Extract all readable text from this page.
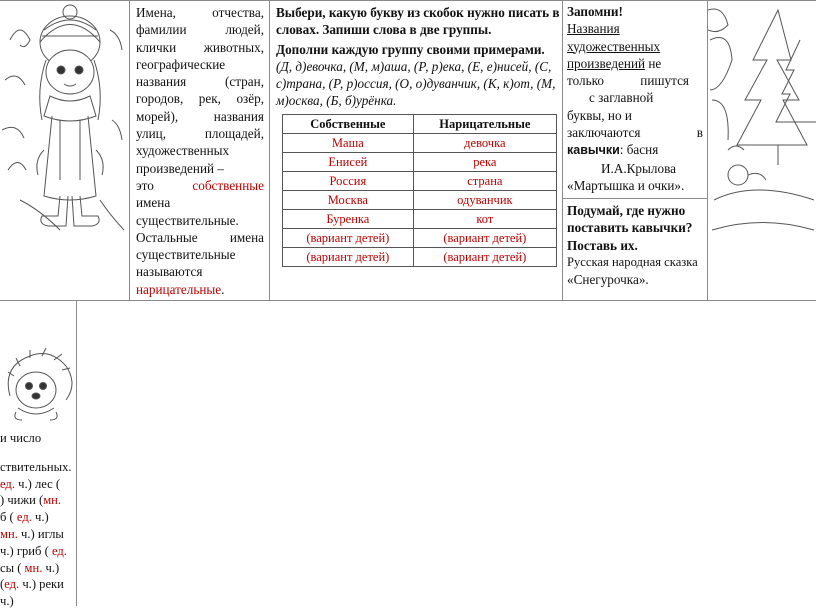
Имена,	отчества,
фамилии	людей,
клички животных,
географические
названия	(стран,
городов, рек, озёр,
морей),	названия
улиц,	площадей,
художественных
произведений –
это	собственные
имена
существительные.
Остальные имена
существительные
называются
нарицательные.
Выбери, какую букву из скобок нужно писать в
словах. Запиши слова в две группы.
Дополни каждую группу своими примерами.
(Д, д)евочка, (М, м)аша, (Р, р)ека, (Е, е)нисей, (С,
с)трана, (Р, р)оссия, (О, о)дуванчик, (К, к)от, (М,
м)осква, (Б, б)урёнка.
Собственные	Нарицательные
Маша	девочка
Енисей	река
Россия	страна
Москва	одуванчик
Буренка	кот
(вариант детей)	(вариант детей)
(вариант детей)	(вариант детей)
Запомни!
Названия
художественных
произведений не
только	пишутся
с заглавной
буквы, но и
заключаются	в
кавычки: басня
И.А.Крылова
«Мартышка и очки».
Подумай, где нужно
поставить кавычки?
Поставь их.
Русская народная сказка
«Снегурочка».
и число
ствительных.
ед. ч.) лес (
) чижи (мн.
б ( ед. ч.)
мн. ч.) иглы
ч.) гриб ( ед.
сы ( мн. ч.)
(ед. ч.) реки
ч.)
